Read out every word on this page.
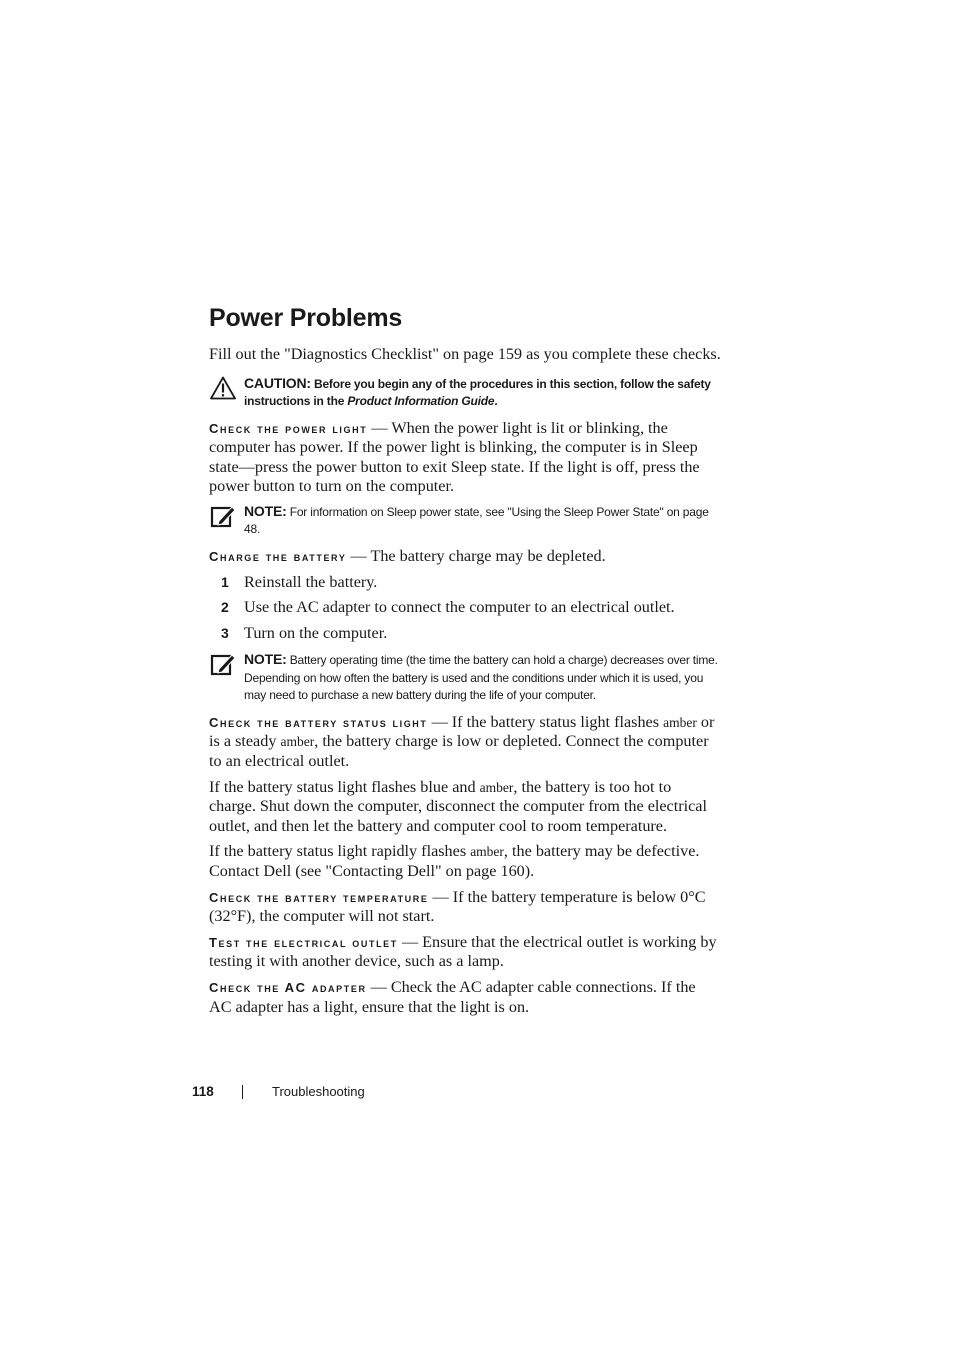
Power Problems

Fill out the "Diagnostics Checklist" on page 159 as you complete these checks.

CAUTION: Before you begin any of the procedures in this section, follow the safety instructions in the Product Information Guide.

Check the power light — When the power light is lit or blinking, the computer has power. If the power light is blinking, the computer is in Sleep state—press the power button to exit Sleep state. If the light is off, press the power button to turn on the computer.

NOTE: For information on Sleep power state, see "Using the Sleep Power State" on page 48.

Charge the battery — The battery charge may be depleted.

1 Reinstall the battery.
2 Use the AC adapter to connect the computer to an electrical outlet.
3 Turn on the computer.
NOTE: Battery operating time (the time the battery can hold a charge) decreases over time. Depending on how often the battery is used and the conditions under which it is used, you may need to purchase a new battery during the life of your computer.

Check the battery status light — If the battery status light flashes amber or is a steady amber, the battery charge is low or depleted. Connect the computer to an electrical outlet.

If the battery status light flashes blue and amber, the battery is too hot to charge. Shut down the computer, disconnect the computer from the electrical outlet, and then let the battery and computer cool to room temperature.

If the battery status light rapidly flashes amber, the battery may be defective. Contact Dell (see "Contacting Dell" on page 160).

Check the battery temperature — If the battery temperature is below 0°C (32°F), the computer will not start.

Test the electrical outlet — Ensure that the electrical outlet is working by testing it with another device, such as a lamp.

Check the AC adapter — Check the AC adapter cable connections. If the AC adapter has a light, ensure that the light is on.

118	Troubleshooting
